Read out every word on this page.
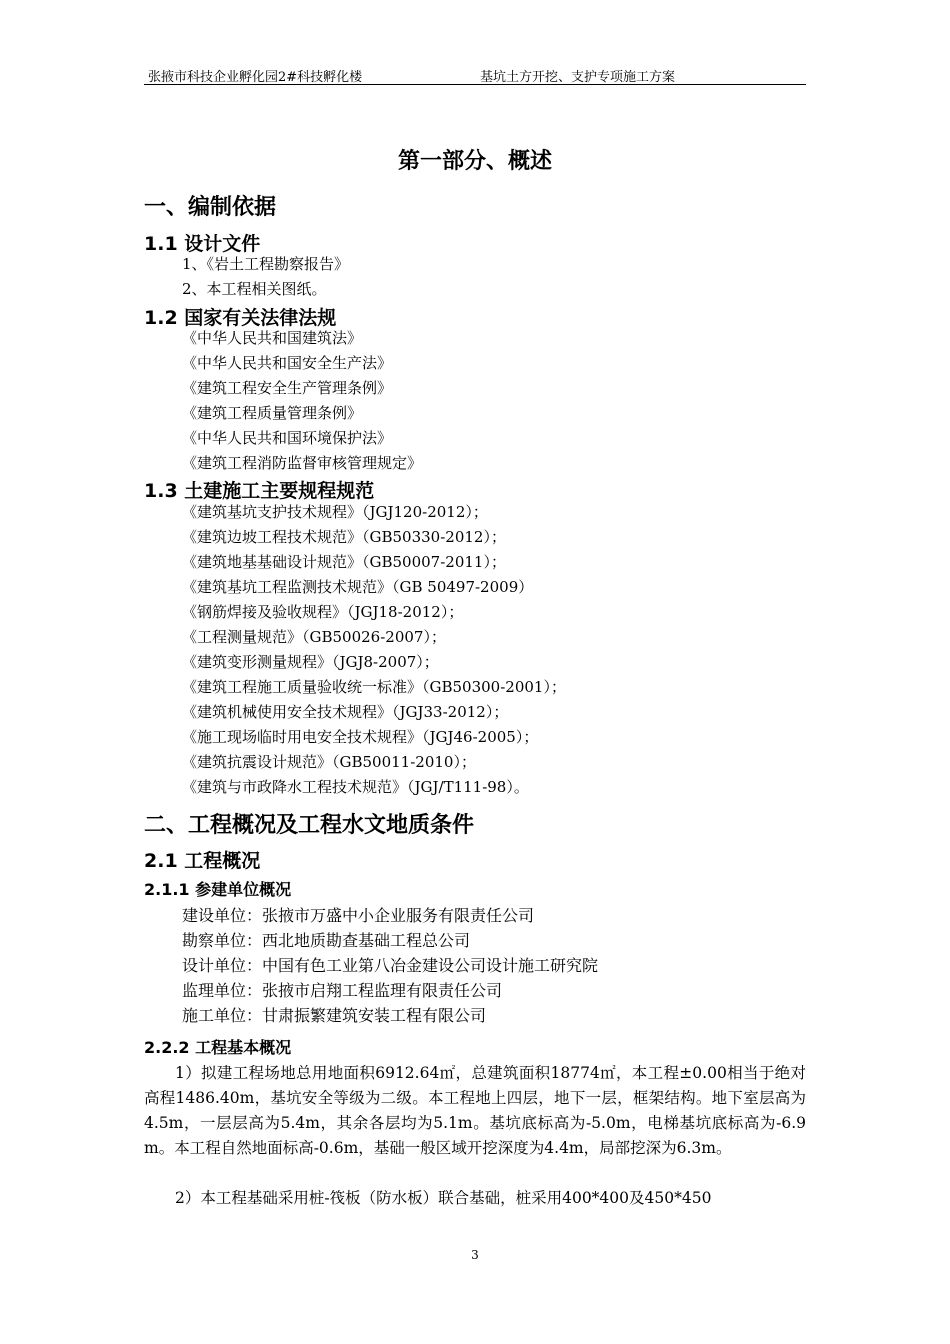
张掖市科技企业孵化园2#科技孵化楼	基坑土方开挖、支护专项施工方案
第一部分、概述
一、编制依据
1.1 设计文件
1、《岩土工程勘察报告》
2、本工程相关图纸。
1.2 国家有关法律法规
《中华人民共和国建筑法》
《中华人民共和国安全生产法》
《建筑工程安全生产管理条例》
《建筑工程质量管理条例》
《中华人民共和国环境保护法》
《建筑工程消防监督审核管理规定》
1.3 土建施工主要规程规范
《建筑基坑支护技术规程》（JGJ120-2012）；
《建筑边坡工程技术规范》（GB50330-2012）；
《建筑地基基础设计规范》（GB50007-2011）；
《建筑基坑工程监测技术规范》（GB 50497-2009）
《钢筋焊接及验收规程》（JGJ18-2012）；
《工程测量规范》（GB50026-2007）；
《建筑变形测量规程》（JGJ8-2007）；
《建筑工程施工质量验收统一标准》（GB50300-2001）；
《建筑机械使用安全技术规程》（JGJ33-2012）；
《施工现场临时用电安全技术规程》（JGJ46-2005）；
《建筑抗震设计规范》（GB50011-2010）；
《建筑与市政降水工程技术规范》（JGJ/T111-98）。
二、工程概况及工程水文地质条件
2.1 工程概况
2.1.1 参建单位概况
建设单位：张掖市万盛中小企业服务有限责任公司
勘察单位：西北地质勘查基础工程总公司
设计单位：中国有色工业第八冶金建设公司设计施工研究院
监理单位：张掖市启翔工程监理有限责任公司
施工单位：甘肃振繁建筑安装工程有限公司
2.2.2 工程基本概况

1）拟建工程场地总用地面积6912.64㎡，总建筑面积18774㎡，本工程±0.00相当于绝对高程1486.40m，基坑安全等级为二级。本工程地上四层，地下一层，框架结构。地下室层高为4.5m，一层层高为5.4m，其余各层均为5.1m。基坑底标高为-5.0m，电梯基坑底标高为-6.9m。本工程自然地面标高-0.6m，基础一般区域开挖深度为4.4m，局部挖深为6.3m。

2）本工程基础采用桩-筏板（防水板）联合基础，桩采用400*400及450*450

3
